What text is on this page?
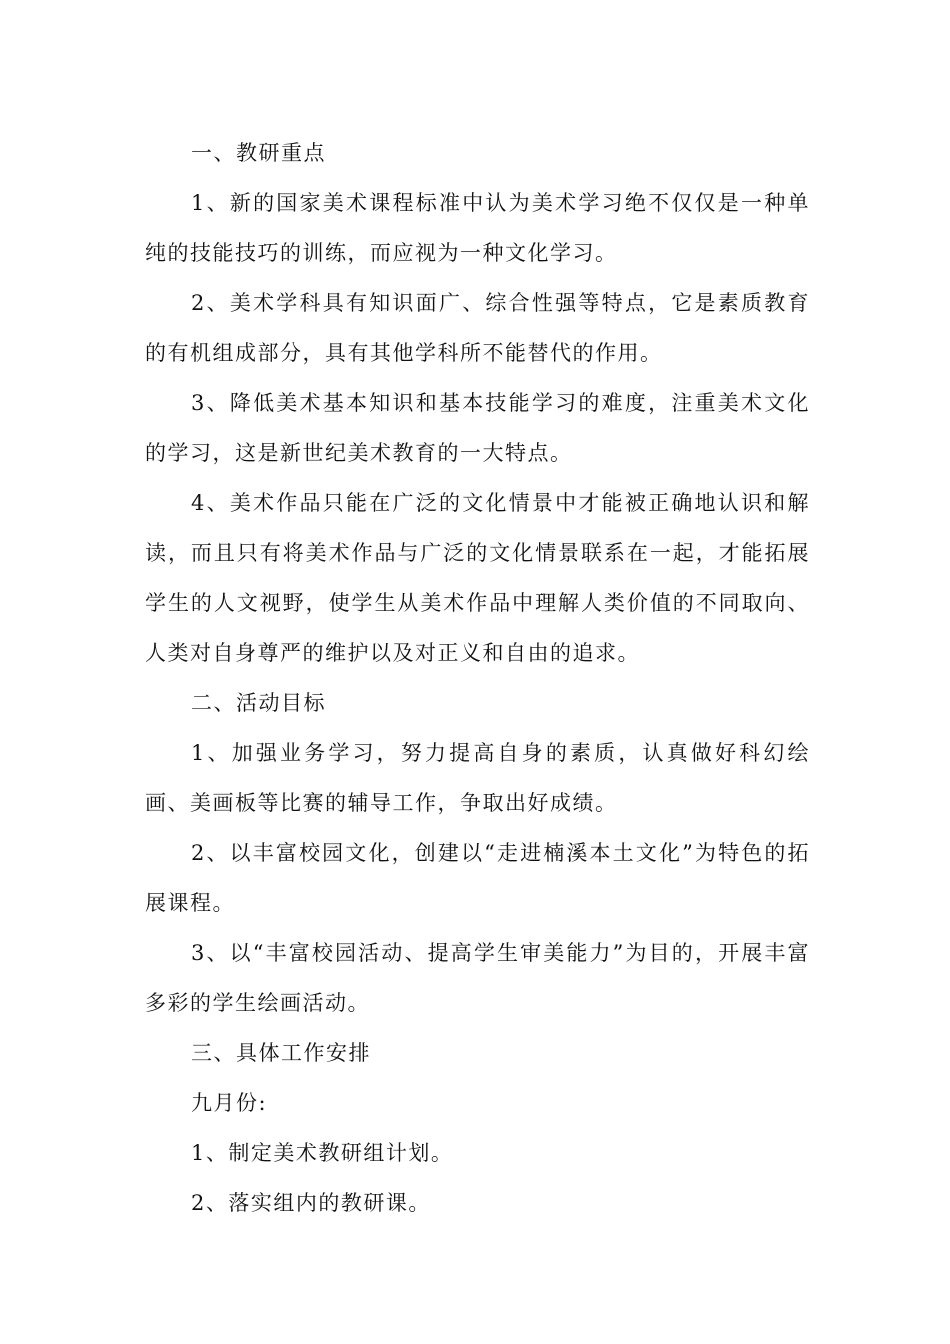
一、教研重点

1、新的国家美术课程标准中认为美术学习绝不仅仅是一种单纯的技能技巧的训练，而应视为一种文化学习。

2、美术学科具有知识面广、综合性强等特点，它是素质教育的有机组成部分，具有其他学科所不能替代的作用。

3、降低美术基本知识和基本技能学习的难度，注重美术文化的学习，这是新世纪美术教育的一大特点。

4、美术作品只能在广泛的文化情景中才能被正确地认识和解读，而且只有将美术作品与广泛的文化情景联系在一起，才能拓展学生的人文视野，使学生从美术作品中理解人类价值的不同取向、人类对自身尊严的维护以及对正义和自由的追求。

二、活动目标

1、加强业务学习，努力提高自身的素质，认真做好科幻绘画、美画板等比赛的辅导工作，争取出好成绩。

2、以丰富校园文化，创建以“走进楠溪本土文化”为特色的拓展课程。

3、以“丰富校园活动、提高学生审美能力”为目的，开展丰富多彩的学生绘画活动。

三、具体工作安排

九月份:

1、制定美术教研组计划。

2、落实组内的教研课。
